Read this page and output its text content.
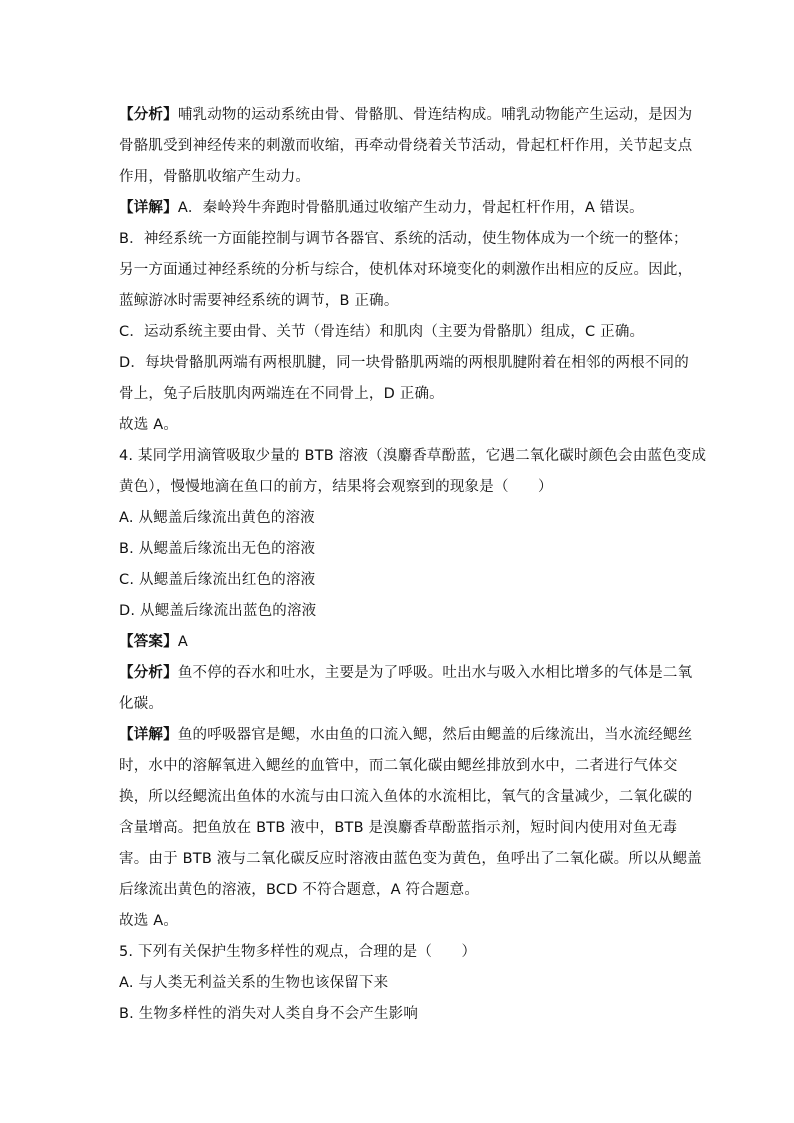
【分析】哺乳动物的运动系统由骨、骨骼肌、骨连结构成。哺乳动物能产生运动，是因为
骨骼肌受到神经传来的刺激而收缩，再牵动骨绕着关节活动，骨起杠杆作用，关节起支点
作用，骨骼肌收缩产生动力。
【详解】A．秦岭羚牛奔跑时骨骼肌通过收缩产生动力，骨起杠杆作用，A 错误。
B．神经系统一方面能控制与调节各器官、系统的活动，使生物体成为一个统一的整体；
另一方面通过神经系统的分析与综合，使机体对环境变化的刺激作出相应的反应。因此，
蓝鲸游冰时需要神经系统的调节，B 正确。
C．运动系统主要由骨、关节（骨连结）和肌肉（主要为骨骼肌）组成，C 正确。
D．每块骨骼肌两端有两根肌腱，同一块骨骼肌两端的两根肌腱附着在相邻的两根不同的
骨上，兔子后肢肌肉两端连在不同骨上，D 正确。
故选 A。
4. 某同学用滴管吸取少量的 BTB 溶液（溴麝香草酚蓝，它遇二氧化碳时颜色会由蓝色变成
黄色），慢慢地滴在鱼口的前方，结果将会观察到的现象是（　　）
A. 从鳃盖后缘流出黄色的溶液
B. 从鳃盖后缘流出无色的溶液
C. 从鳃盖后缘流出红色的溶液
D. 从鳃盖后缘流出蓝色的溶液
【答案】A
【分析】鱼不停的吞水和吐水，主要是为了呼吸。吐出水与吸入水相比增多的气体是二氧
化碳。
【详解】鱼的呼吸器官是鳃，水由鱼的口流入鳃，然后由鳃盖的后缘流出，当水流经鳃丝
时，水中的溶解氧进入鳃丝的血管中，而二氧化碳由鳃丝排放到水中，二者进行气体交
换，所以经鳃流出鱼体的水流与由口流入鱼体的水流相比，氧气的含量减少，二氧化碳的
含量增高。把鱼放在 BTB 液中，BTB 是溴麝香草酚蓝指示剂，短时间内使用对鱼无毒
害。由于 BTB 液与二氧化碳反应时溶液由蓝色变为黄色，鱼呼出了二氧化碳。所以从鳃盖
后缘流出黄色的溶液，BCD 不符合题意，A 符合题意。
故选 A。
5. 下列有关保护生物多样性的观点，合理的是（　　）
A. 与人类无利益关系的生物也该保留下来
B. 生物多样性的消失对人类自身不会产生影响
